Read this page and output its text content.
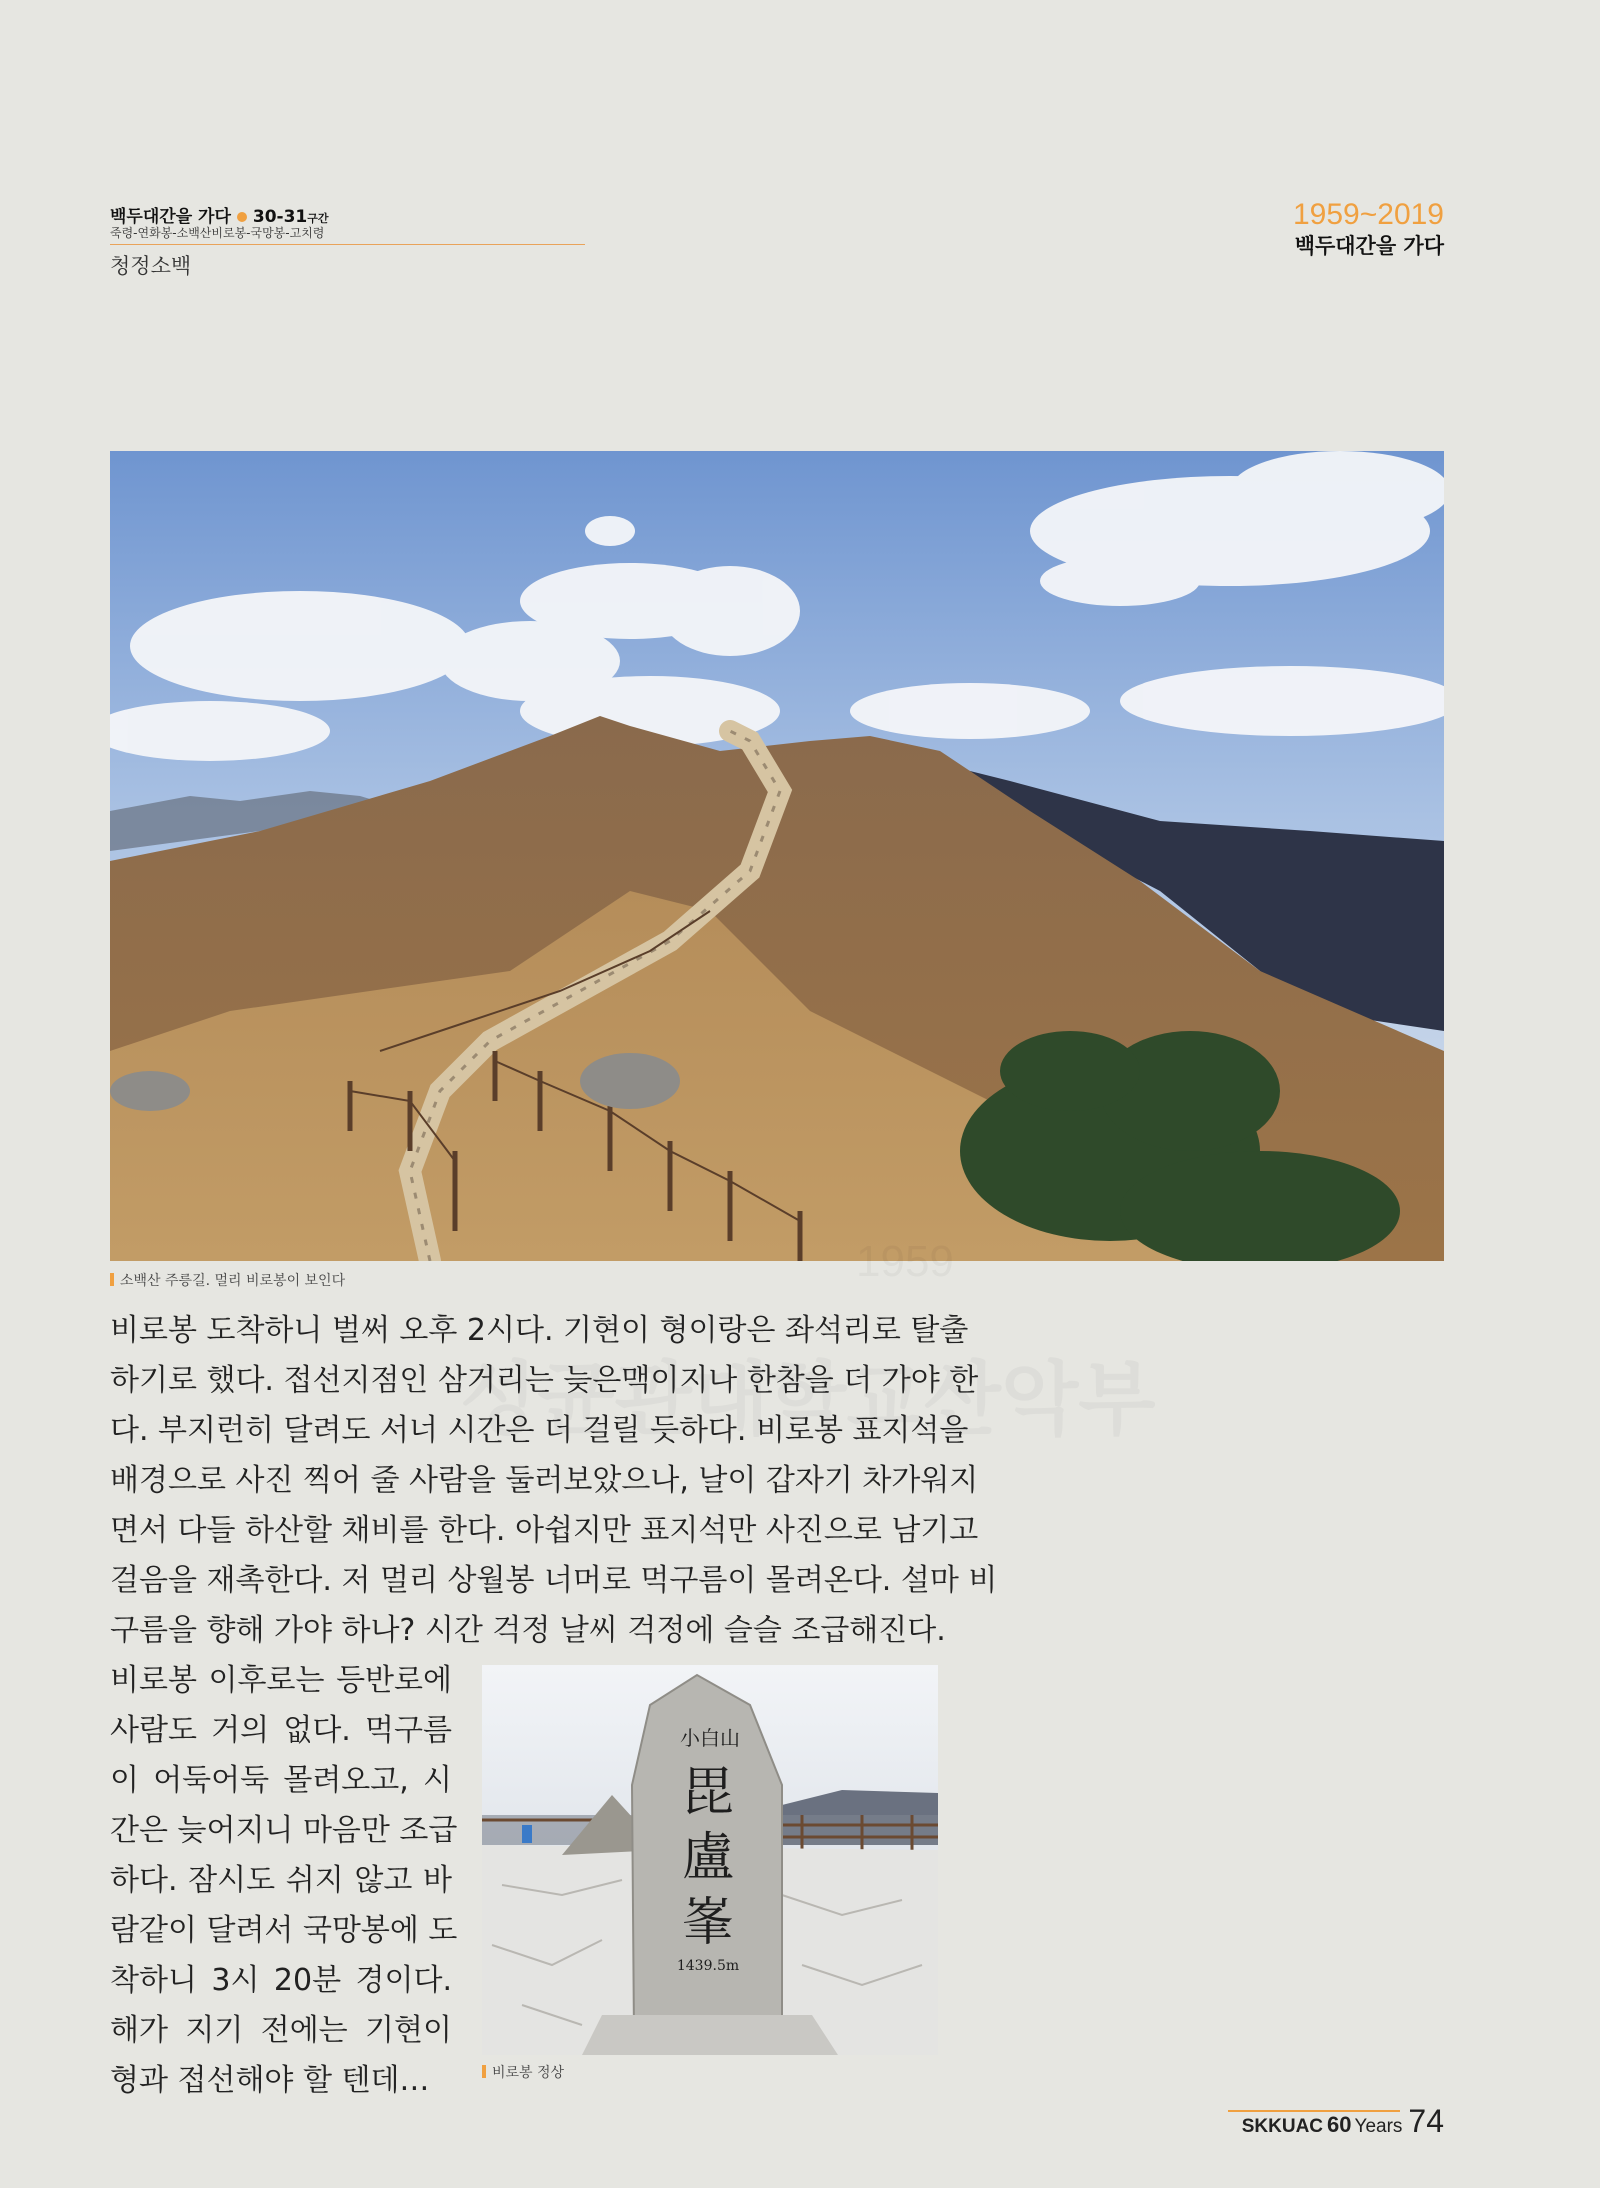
백두대간을 가다 30-31구간
죽령-연화봉-소백산비로봉-국망봉-고치령
청정소백
1959~2019
백두대간을 가다
소백산 주릉길. 멀리 비로봉이 보인다
비로봉 도착하니 벌써 오후 2시다. 기현이 형이랑은 좌석리로 탈출
하기로 했다. 접선지점인 삼거리는 늦은맥이지나 한참을 더 가야 한
다. 부지런히 달려도 서너 시간은 더 걸릴 듯하다. 비로봉 표지석을
배경으로 사진 찍어 줄 사람을 둘러보았으나, 날이 갑자기 차가워지
면서 다들 하산할 채비를 한다. 아쉽지만 표지석만 사진으로 남기고
걸음을 재촉한다. 저 멀리 상월봉 너머로 먹구름이 몰려온다. 설마 비
구름을 향해 가야 하나? 시간 걱정 날씨 걱정에 슬슬 조급해진다.
비로봉 이후로는 등반로에
사람도 거의 없다. 먹구름
이 어둑어둑 몰려오고, 시
간은 늦어지니 마음만 조급
하다. 잠시도 쉬지 않고 바
람같이 달려서 국망봉에 도
착하니 3시 20분 경이다.
해가 지기 전에는 기현이
형과 접선해야 할 텐데…
小白山
毘
盧
峯
1439.5m
비로봉 정상
SKKUAC 60 Years 74
